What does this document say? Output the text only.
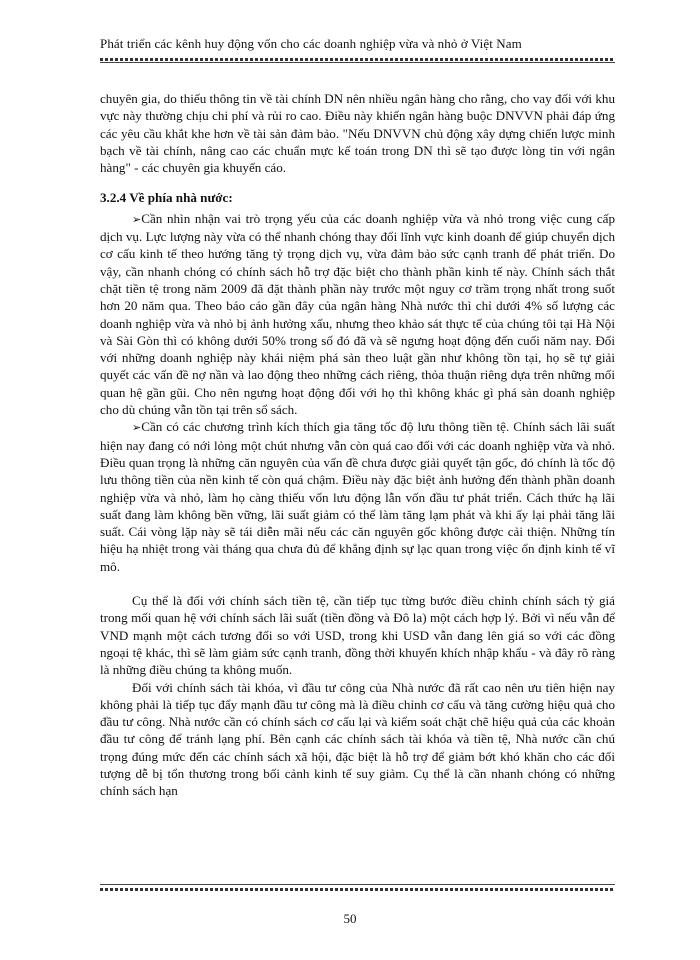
Phát triển các kênh huy động vốn cho các doanh nghiệp vừa và nhỏ ở Việt Nam

chuyên gia, do thiếu thông tin về tài chính DN nên nhiều ngân hàng cho rằng, cho vay đối với khu vực này thường chịu chi phí và rủi ro cao. Điều này khiến ngân hàng buộc DNVVN phải đáp ứng các yêu cầu khắt khe hơn về tài sản đảm bảo. "Nếu DNVVN chủ động xây dựng chiến lược minh bạch về tài chính, nâng cao các chuẩn mực kế toán trong DN thì sẽ tạo được lòng tin với ngân hàng" - các chuyên gia khuyến cáo.

3.2.4 Về phía nhà nước:

➢Cần nhìn nhận vai trò trọng yếu của các doanh nghiệp vừa và nhỏ trong việc cung cấp dịch vụ. Lực lượng này vừa có thể nhanh chóng thay đổi lĩnh vực kinh doanh để giúp chuyển dịch cơ cấu kinh tế theo hướng tăng tỷ trọng dịch vụ, vừa đảm bảo sức cạnh tranh để phát triển. Do vậy, cần nhanh chóng có chính sách hỗ trợ đặc biệt cho thành phần kinh tế này. Chính sách thắt chặt tiền tệ trong năm 2009 đã đặt thành phần này trước một nguy cơ trầm trọng nhất trong suốt hơn 20 năm qua. Theo báo cáo gần đây của ngân hàng Nhà nước thì chỉ dưới 4% số lượng các doanh nghiệp vừa và nhỏ bị ảnh hưởng xấu, nhưng theo khảo sát thực tế của chúng tôi tại Hà Nội và Sài Gòn thì có không dưới 50% trong số đó đã và sẽ ngưng hoạt động đến cuối năm nay. Đối với những doanh nghiệp này khái niệm phá sản theo luật gần như không tồn tại, họ sẽ tự giải quyết các vấn đề nợ nần và lao động theo những cách riêng, thỏa thuận riêng dựa trên những mối quan hệ gần gũi. Cho nên ngưng hoạt động đối với họ thì không khác gì phá sản doanh nghiệp cho dù chúng vẫn tồn tại trên sổ sách.

➢Cần có các chương trình kích thích gia tăng tốc độ lưu thông tiền tệ. Chính sách lãi suất hiện nay đang có nới lỏng một chút nhưng vẫn còn quá cao đối với các doanh nghiệp vừa và nhỏ. Điều quan trọng là những căn nguyên của vấn đề chưa được giải quyết tận gốc, đó chính là tốc độ lưu thông tiền của nền kinh tế còn quá chậm. Điều này đặc biệt ảnh hưởng đến thành phần doanh nghiệp vừa và nhỏ, làm họ càng thiếu vốn lưu động lẫn vốn đầu tư phát triển. Cách thức hạ lãi suất đang làm không bền vững, lãi suất giảm có thể làm tăng lạm phát và khi ấy lại phải tăng lãi suất. Cái vòng lặp này sẽ tái diễn mãi nếu các căn nguyên gốc không được cải thiện. Những tín hiệu hạ nhiệt trong vài tháng qua chưa đủ để khẳng định sự lạc quan trong việc ổn định kinh tế vĩ mô.

Cụ thể là đối với chính sách tiền tệ, cần tiếp tục từng bước điều chỉnh chính sách tỷ giá trong mối quan hệ với chính sách lãi suất (tiền đồng và Đô la) một cách hợp lý. Bởi vì nếu vẫn để VND mạnh một cách tương đối so với USD, trong khi USD vẫn đang lên giá so với các đồng ngoại tệ khác, thì sẽ làm giảm sức cạnh tranh, đồng thời khuyến khích nhập khẩu - và đây rõ ràng là những điều chúng ta không muốn.

Đối với chính sách tài khóa, vì đầu tư công của Nhà nước đã rất cao nên ưu tiên hiện nay không phải là tiếp tục đẩy mạnh đầu tư công mà là điều chỉnh cơ cấu và tăng cường hiệu quả cho đầu tư công. Nhà nước cần có chính sách cơ cấu lại và kiểm soát chặt chẽ hiệu quả của các khoản đầu tư công để tránh lạng phí. Bên cạnh các chính sách tài khóa và tiền tệ, Nhà nước cần chú trọng đúng mức đến các chính sách xã hội, đặc biệt là hỗ trợ để giảm bớt khó khăn cho các đối tượng dễ bị tổn thương trong bối cảnh kinh tế suy giảm. Cụ thể là cần nhanh chóng có những chính sách hạn

50
